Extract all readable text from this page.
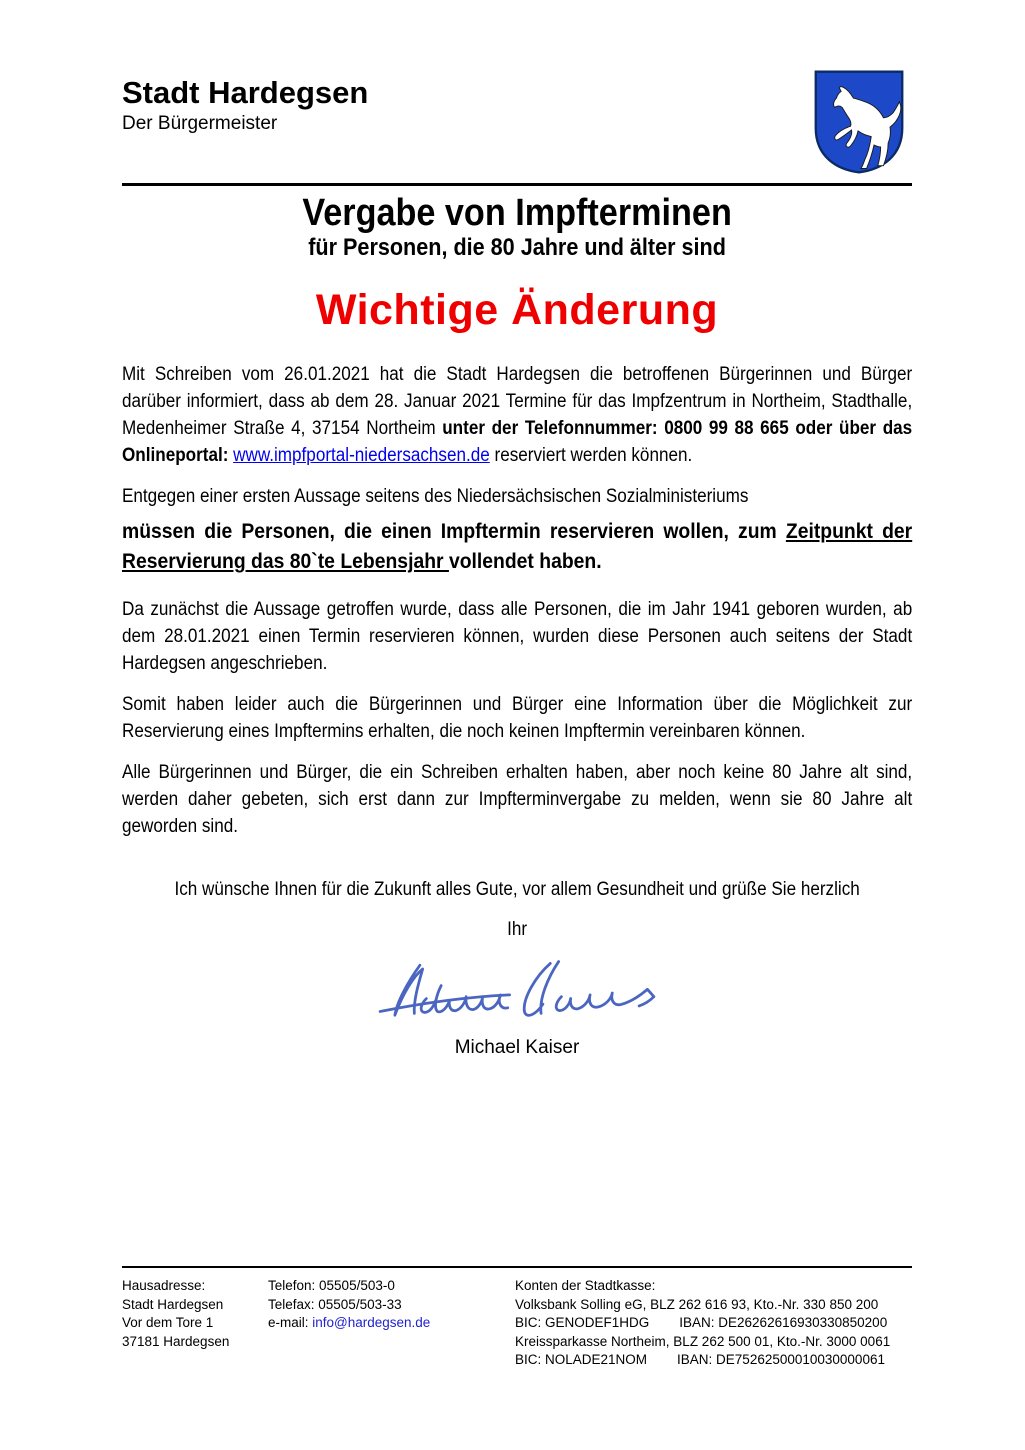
Stadt Hardegsen

Der Bürgermeister

Vergabe von Impfterminen
für Personen, die 80 Jahre und älter sind
Wichtige Änderung

Mit Schreiben vom 26.01.2021 hat die Stadt Hardegsen die betroffenen Bürgerinnen und Bürger darüber informiert, dass ab dem 28. Januar 2021 Termine für das Impfzentrum in Northeim, Stadthalle, Medenheimer Straße 4, 37154 Northeim unter der Telefonnummer: 0800 99 88 665 oder über das Onlineportal: www.impfportal-niedersachsen.de reserviert werden können.

Entgegen einer ersten Aussage seitens des Niedersächsischen Sozialministeriums

müssen die Personen, die einen Impftermin reservieren wollen, zum Zeitpunkt der Reservierung das 80`te Lebensjahr vollendet haben.

Da zunächst die Aussage getroffen wurde, dass alle Personen, die im Jahr 1941 geboren wurden, ab dem 28.01.2021 einen Termin reservieren können, wurden diese Personen auch seitens der Stadt Hardegsen angeschrieben.

Somit haben leider auch die Bürgerinnen und Bürger eine Information über die Möglichkeit zur Reservierung eines Impftermins erhalten, die noch keinen Impftermin vereinbaren können.

Alle Bürgerinnen und Bürger, die ein Schreiben erhalten haben, aber noch keine 80 Jahre alt sind, werden daher gebeten, sich erst dann zur Impfterminvergabe zu melden, wenn sie 80 Jahre alt geworden sind.

Ich wünsche Ihnen für die Zukunft alles Gute, vor allem Gesundheit und grüße Sie herzlich

Ihr

Michael Kaiser
Hausadresse:
Stadt Hardegsen
Vor dem Tore 1
37181 Hardegsen
Telefon: 05505/503-0
Telefax: 05505/503-33
e-mail: info@hardegsen.de
Konten der Stadtkasse:
Volksbank Solling eG, BLZ 262 616 93, Kto.-Nr. 330 850 200
BIC: GENODEF1HDG        IBAN: DE26262616930330850200
Kreissparkasse Northeim, BLZ 262 500 01, Kto.-Nr. 3000 0061
BIC: NOLADE21NOM        IBAN: DE75262500010030000061
